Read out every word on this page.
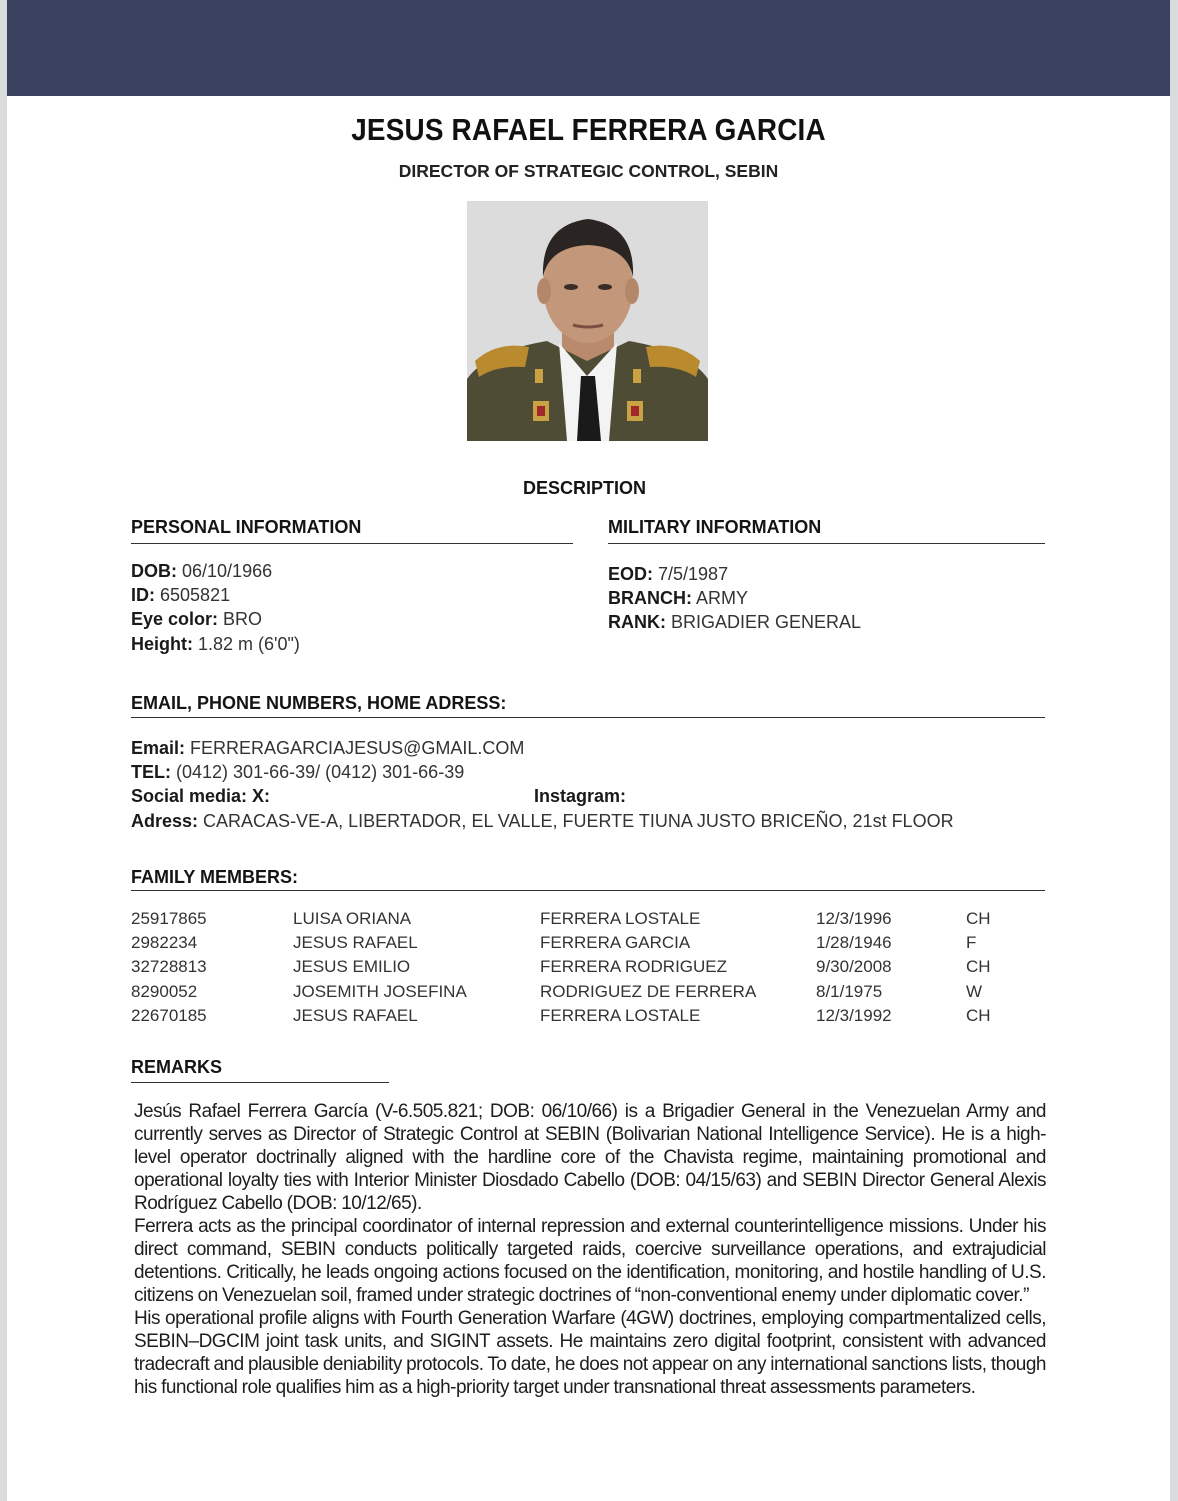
JESUS RAFAEL FERRERA GARCIA
DIRECTOR OF STRATEGIC CONTROL, SEBIN
DESCRIPTION
PERSONAL INFORMATION
DOB: 06/10/1966
ID: 6505821
Eye color: BRO
Height: 1.82 m (6'0")
MILITARY INFORMATION
EOD: 7/5/1987
BRANCH: ARMY
RANK: BRIGADIER GENERAL
EMAIL, PHONE NUMBERS, HOME ADRESS:
Email: FERRERAGARCIAJESUS@GMAIL.COM
TEL: (0412) 301-66-39/ (0412) 301-66-39
Social media: X:	Instagram:
Adress: CARACAS-VE-A, LIBERTADOR, EL VALLE, FUERTE TIUNA JUSTO BRICEÑO, 21st FLOOR
FAMILY MEMBERS:
25917865	LUISA ORIANA	FERRERA LOSTALE	12/3/1996	CH
2982234	JESUS RAFAEL	FERRERA GARCIA	1/28/1946	F
32728813	JESUS EMILIO	FERRERA RODRIGUEZ	9/30/2008	CH
8290052	JOSEMITH JOSEFINA	RODRIGUEZ DE FERRERA	8/1/1975	W
22670185	JESUS RAFAEL	FERRERA LOSTALE	12/3/1992	CH
REMARKS

Jesús Rafael Ferrera García (V-6.505.821; DOB: 06/10/66) is a Brigadier General in the Venezuelan Army and currently serves as Director of Strategic Control at SEBIN (Bolivarian National Intelligence Service). He is a high-level operator doctrinally aligned with the hardline core of the Chavista regime, maintaining promotional and operational loyalty ties with Interior Minister Diosdado Cabello (DOB: 04/15/63) and SEBIN Director General Alexis Rodríguez Cabello (DOB: 10/12/65).

Ferrera acts as the principal coordinator of internal repression and external counterintelligence missions. Under his direct command, SEBIN conducts politically targeted raids, coercive surveillance operations, and extrajudicial detentions. Critically, he leads ongoing actions focused on the identification, monitoring, and hostile handling of U.S. citizens on Venezuelan soil, framed under strategic doctrines of “non-conventional enemy under diplomatic cover.”

His operational profile aligns with Fourth Generation Warfare (4GW) doctrines, employing compartmentalized cells, SEBIN–DGCIM joint task units, and SIGINT assets. He maintains zero digital footprint, consistent with advanced tradecraft and plausible deniability protocols. To date, he does not appear on any international sanctions lists, though his functional role qualifies him as a high-priority target under transnational threat assessments parameters.
